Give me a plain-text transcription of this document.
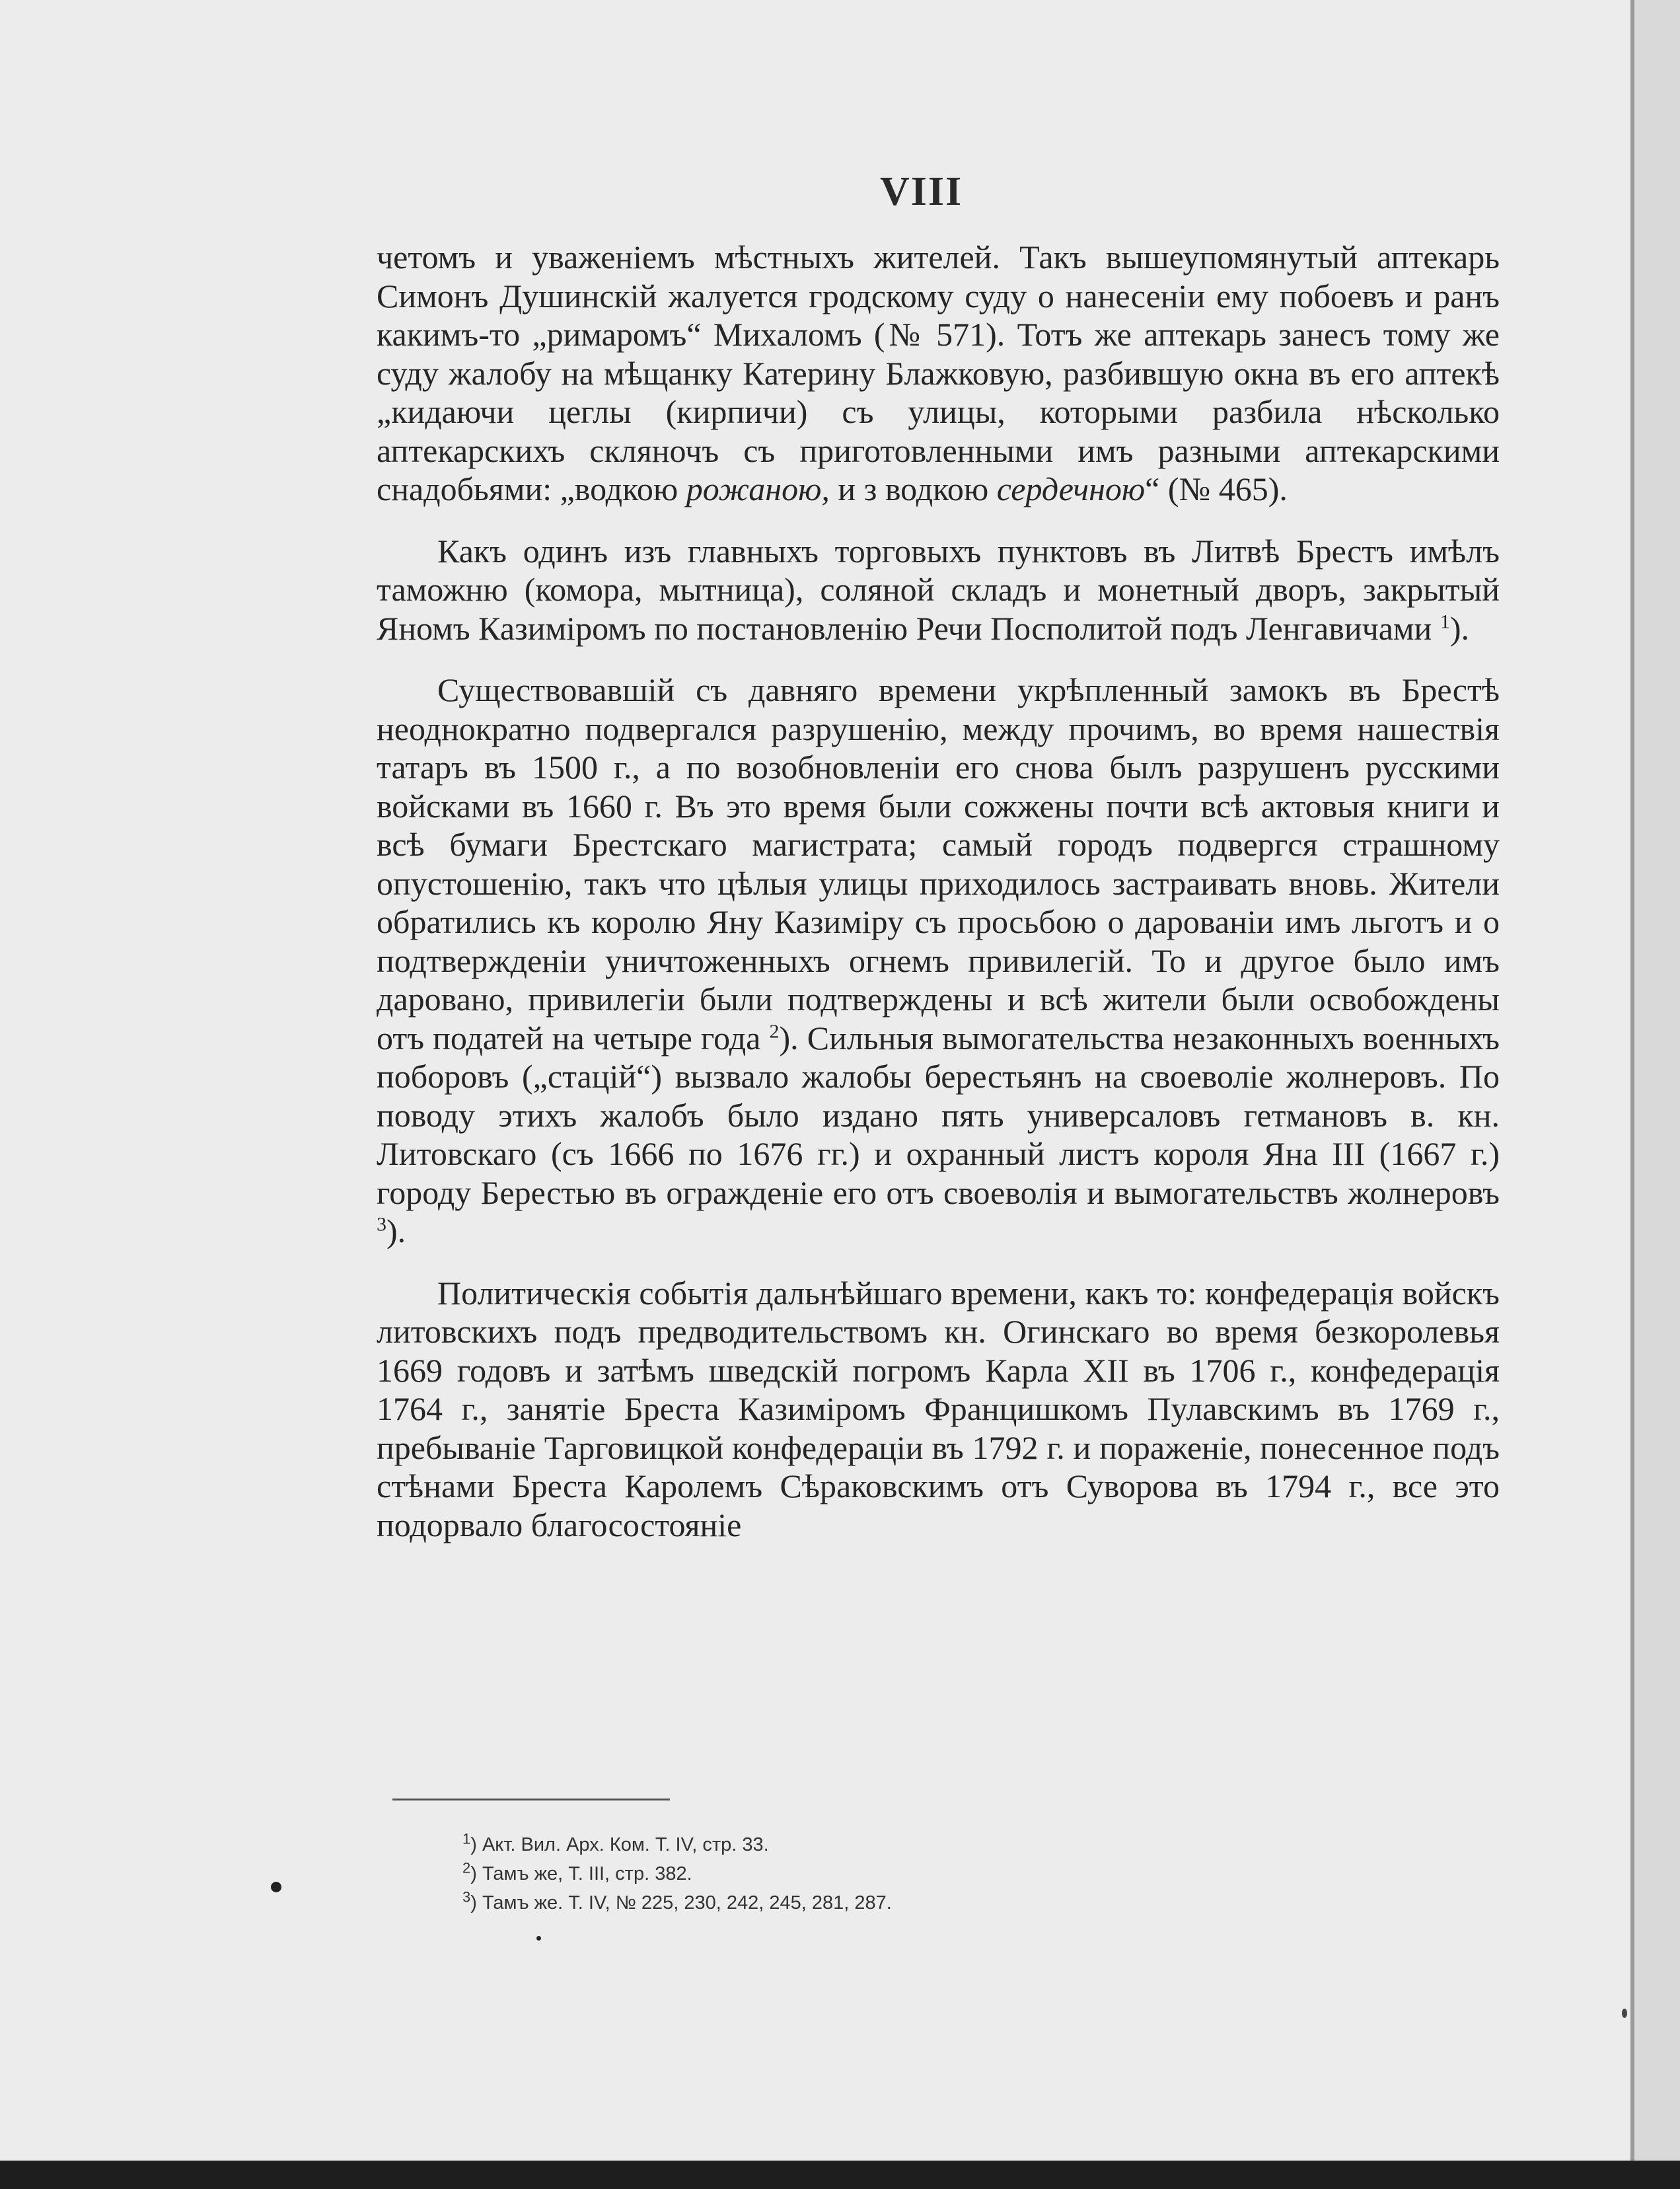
VIII

четомъ и уваженіемъ мѣстныхъ жителей. Такъ вышеупомянутый аптекарь Симонъ Душинскій жалуется гродскому суду о нанесеніи ему побоевъ и ранъ какимъ-то „римаромъ“ Михаломъ (№ 571). Тотъ же аптекарь занесъ тому же суду жалобу на мѣщанку Катерину Блажковую, разбившую окна въ его аптекѣ „кидаючи цеглы (кирпичи) съ улицы, которыми разбила нѣсколько аптекарскихъ скляночъ съ приготовленными имъ разными аптекарскими снадобьями: „водкою рожаною, и з водкою сердечною“ (№ 465).

Какъ одинъ изъ главныхъ торговыхъ пунктовъ въ Литвѣ Брестъ имѣлъ таможню (комора, мытница), соляной складъ и монетный дворъ, закрытый Яномъ Казиміромъ по постановленію Речи Посполитой подъ Ленгавичами $^1$).

Существовавшій съ давняго времени укрѣпленный замокъ въ Брестѣ неоднократно подвергался разрушенію, между прочимъ, во время нашествія татаръ въ 1500 г., а по возобновленіи его снова былъ разрушенъ русскими войсками въ 1660 г. Въ это время были сожжены почти всѣ актовыя книги и всѣ бумаги Брестскаго магистрата; самый городъ подвергся страшному опустошенію, такъ что цѣлыя улицы приходилось застраивать вновь. Жители обратились къ королю Яну Казиміру съ просьбою о дарованіи имъ льготъ и о подтвержденіи уничтоженныхъ огнемъ привилегій. То и другое было имъ даровано, привилегіи были подтверждены и всѣ жители были освобождены отъ податей на четыре года $^2$). Сильныя вымогательства незаконныхъ военныхъ поборовъ („стацій“) вызвало жалобы берестьянъ на своеволіе жолнеровъ. По поводу этихъ жалобъ было издано пять универсаловъ гетмановъ в. кн. Литовскаго (съ 1666 по 1676 гг.) и охранный листъ короля Яна III (1667 г.) городу Берестью въ огражденіе его отъ своеволія и вымогательствъ жолнеровъ $^3$).

Политическія событія дальнѣйшаго времени, какъ то: конфедерація войскъ литовскихъ подъ предводительствомъ кн. Огинскаго во время безкоролевья 1669 годовъ и затѣмъ шведскій погромъ Карла XII въ 1706 г., конфедерація 1764 г., занятіе Бреста Казиміромъ Францишкомъ Пулавскимъ въ 1769 г., пребываніе Тарговицкой конфедераціи въ 1792 г. и пораженіе, понесенное подъ стѣнами Бреста Каролемъ Сѣраковскимъ отъ Суворова въ 1794 г., все это подорвало благосостояніе

$^1$) Акт. Вил. Арх. Ком. Т. IV, стр. 33.
$^2$) Тамъ же, Т. III, стр. 382.
$^3$) Тамъ же. Т. IV, № 225, 230, 242, 245, 281, 287.
